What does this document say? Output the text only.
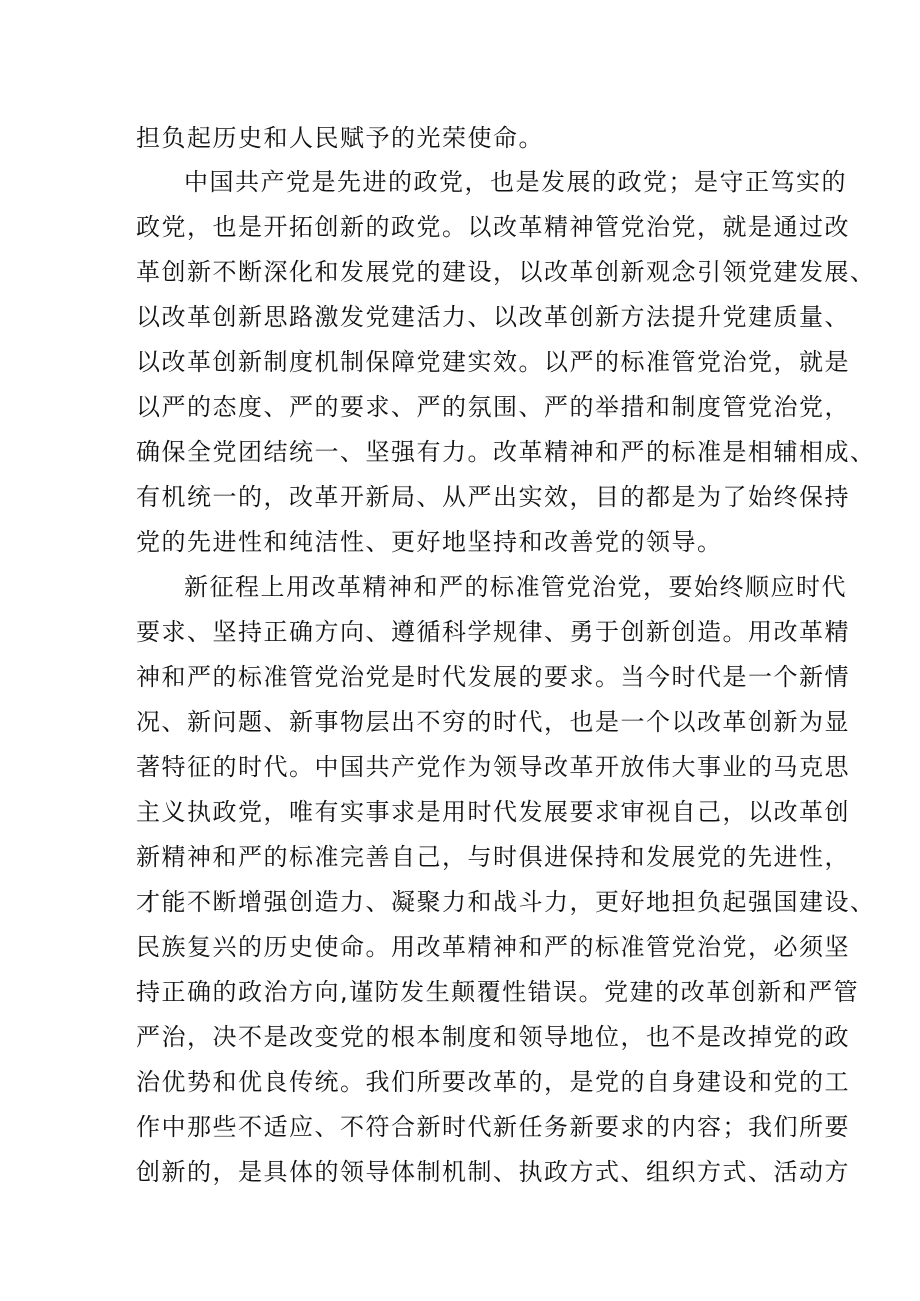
担负起历史和人民赋予的光荣使命。
中国共产党是先进的政党，也是发展的政党；是守正笃实的
政党，也是开拓创新的政党。以改革精神管党治党，就是通过改
革创新不断深化和发展党的建设，以改革创新观念引领党建发展、
以改革创新思路激发党建活力、以改革创新方法提升党建质量、
以改革创新制度机制保障党建实效。以严的标准管党治党，就是
以严的态度、严的要求、严的氛围、严的举措和制度管党治党，
确保全党团结统一、坚强有力。改革精神和严的标准是相辅相成、
有机统一的，改革开新局、从严出实效，目的都是为了始终保持
党的先进性和纯洁性、更好地坚持和改善党的领导。
新征程上用改革精神和严的标准管党治党，要始终顺应时代
要求、坚持正确方向、遵循科学规律、勇于创新创造。用改革精
神和严的标准管党治党是时代发展的要求。当今时代是一个新情
况、新问题、新事物层出不穷的时代，也是一个以改革创新为显
著特征的时代。中国共产党作为领导改革开放伟大事业的马克思
主义执政党，唯有实事求是用时代发展要求审视自己，以改革创
新精神和严的标准完善自己，与时俱进保持和发展党的先进性，
才能不断增强创造力、凝聚力和战斗力，更好地担负起强国建设、
民族复兴的历史使命。用改革精神和严的标准管党治党，必须坚
持正确的政治方向,谨防发生颠覆性错误。党建的改革创新和严管
严治，决不是改变党的根本制度和领导地位，也不是改掉党的政
治优势和优良传统。我们所要改革的，是党的自身建设和党的工
作中那些不适应、不符合新时代新任务新要求的内容；我们所要
创新的，是具体的领导体制机制、执政方式、组织方式、活动方
